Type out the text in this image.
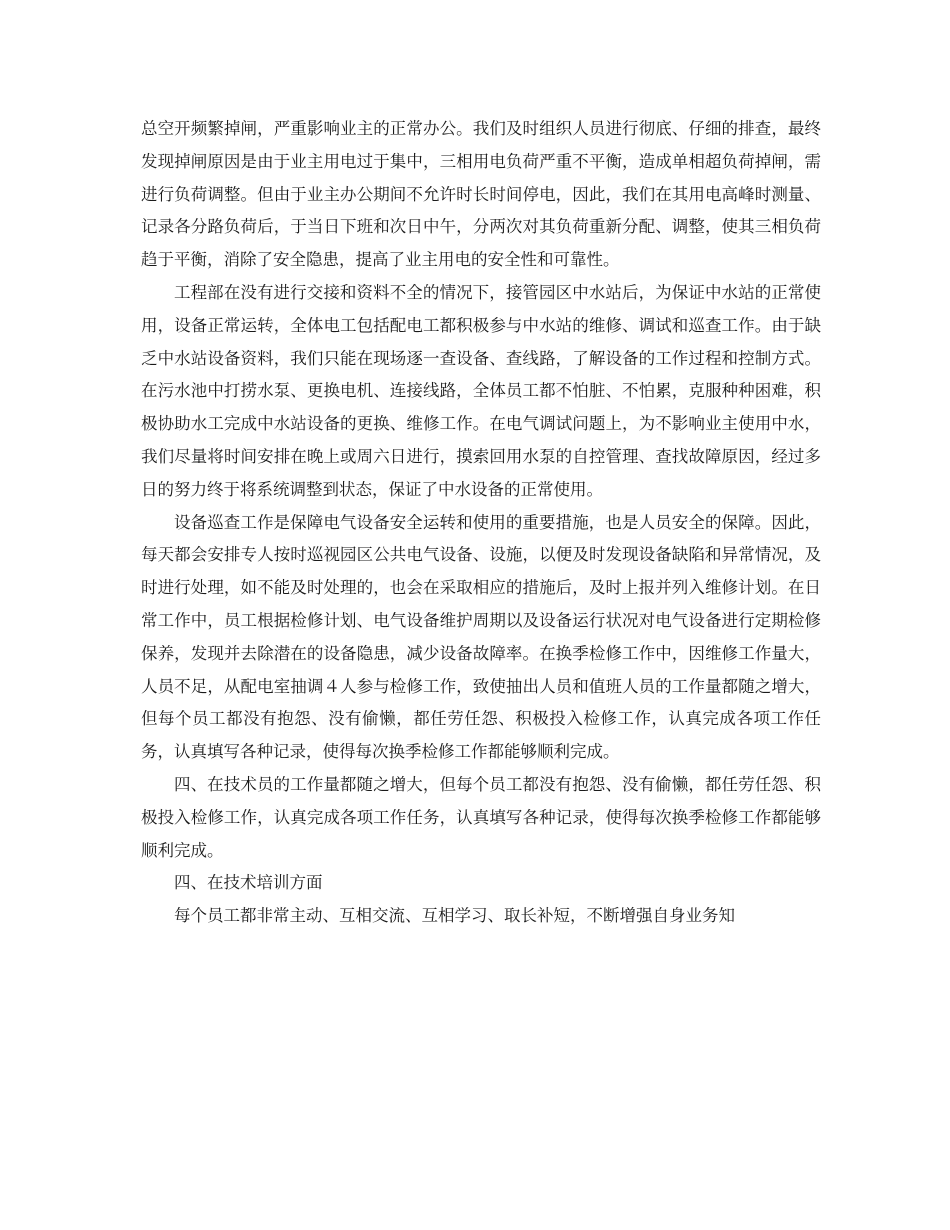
总空开频繁掉闸，严重影响业主的正常办公。我们及时组织人员进行彻底、仔细的排查，最终发现掉闸原因是由于业主用电过于集中，三相用电负荷严重不平衡，造成单相超负荷掉闸，需进行负荷调整。但由于业主办公期间不允许时长时间停电，因此，我们在其用电高峰时测量、记录各分路负荷后，于当日下班和次日中午，分两次对其负荷重新分配、调整，使其三相负荷趋于平衡，消除了安全隐患，提高了业主用电的安全性和可靠性。

工程部在没有进行交接和资料不全的情况下，接管园区中水站后，为保证中水站的正常使用，设备正常运转，全体电工包括配电工都积极参与中水站的维修、调试和巡查工作。由于缺乏中水站设备资料，我们只能在现场逐一查设备、查线路，了解设备的工作过程和控制方式。在污水池中打捞水泵、更换电机、连接线路，全体员工都不怕脏、不怕累，克服种种困难，积极协助水工完成中水站设备的更换、维修工作。在电气调试问题上，为不影响业主使用中水，我们尽量将时间安排在晚上或周六日进行，摸索回用水泵的自控管理、查找故障原因，经过多日的努力终于将系统调整到状态，保证了中水设备的正常使用。

设备巡查工作是保障电气设备安全运转和使用的重要措施，也是人员安全的保障。因此，每天都会安排专人按时巡视园区公共电气设备、设施，以便及时发现设备缺陷和异常情况，及时进行处理，如不能及时处理的，也会在采取相应的措施后，及时上报并列入维修计划。在日常工作中，员工根据检修计划、电气设备维护周期以及设备运行状况对电气设备进行定期检修保养，发现并去除潜在的设备隐患，减少设备故障率。在换季检修工作中，因维修工作量大，人员不足，从配电室抽调４人参与检修工作，致使抽出人员和值班人员的工作量都随之增大，但每个员工都没有抱怨、没有偷懒，都任劳任怨、积极投入检修工作，认真完成各项工作任务，认真填写各种记录，使得每次换季检修工作都能够顺利完成。

四、在技术员的工作量都随之增大，但每个员工都没有抱怨、没有偷懒，都任劳任怨、积极投入检修工作，认真完成各项工作任务，认真填写各种记录，使得每次换季检修工作都能够顺利完成。

四、在技术培训方面

每个员工都非常主动、互相交流、互相学习、取长补短，不断增强自身业务知
